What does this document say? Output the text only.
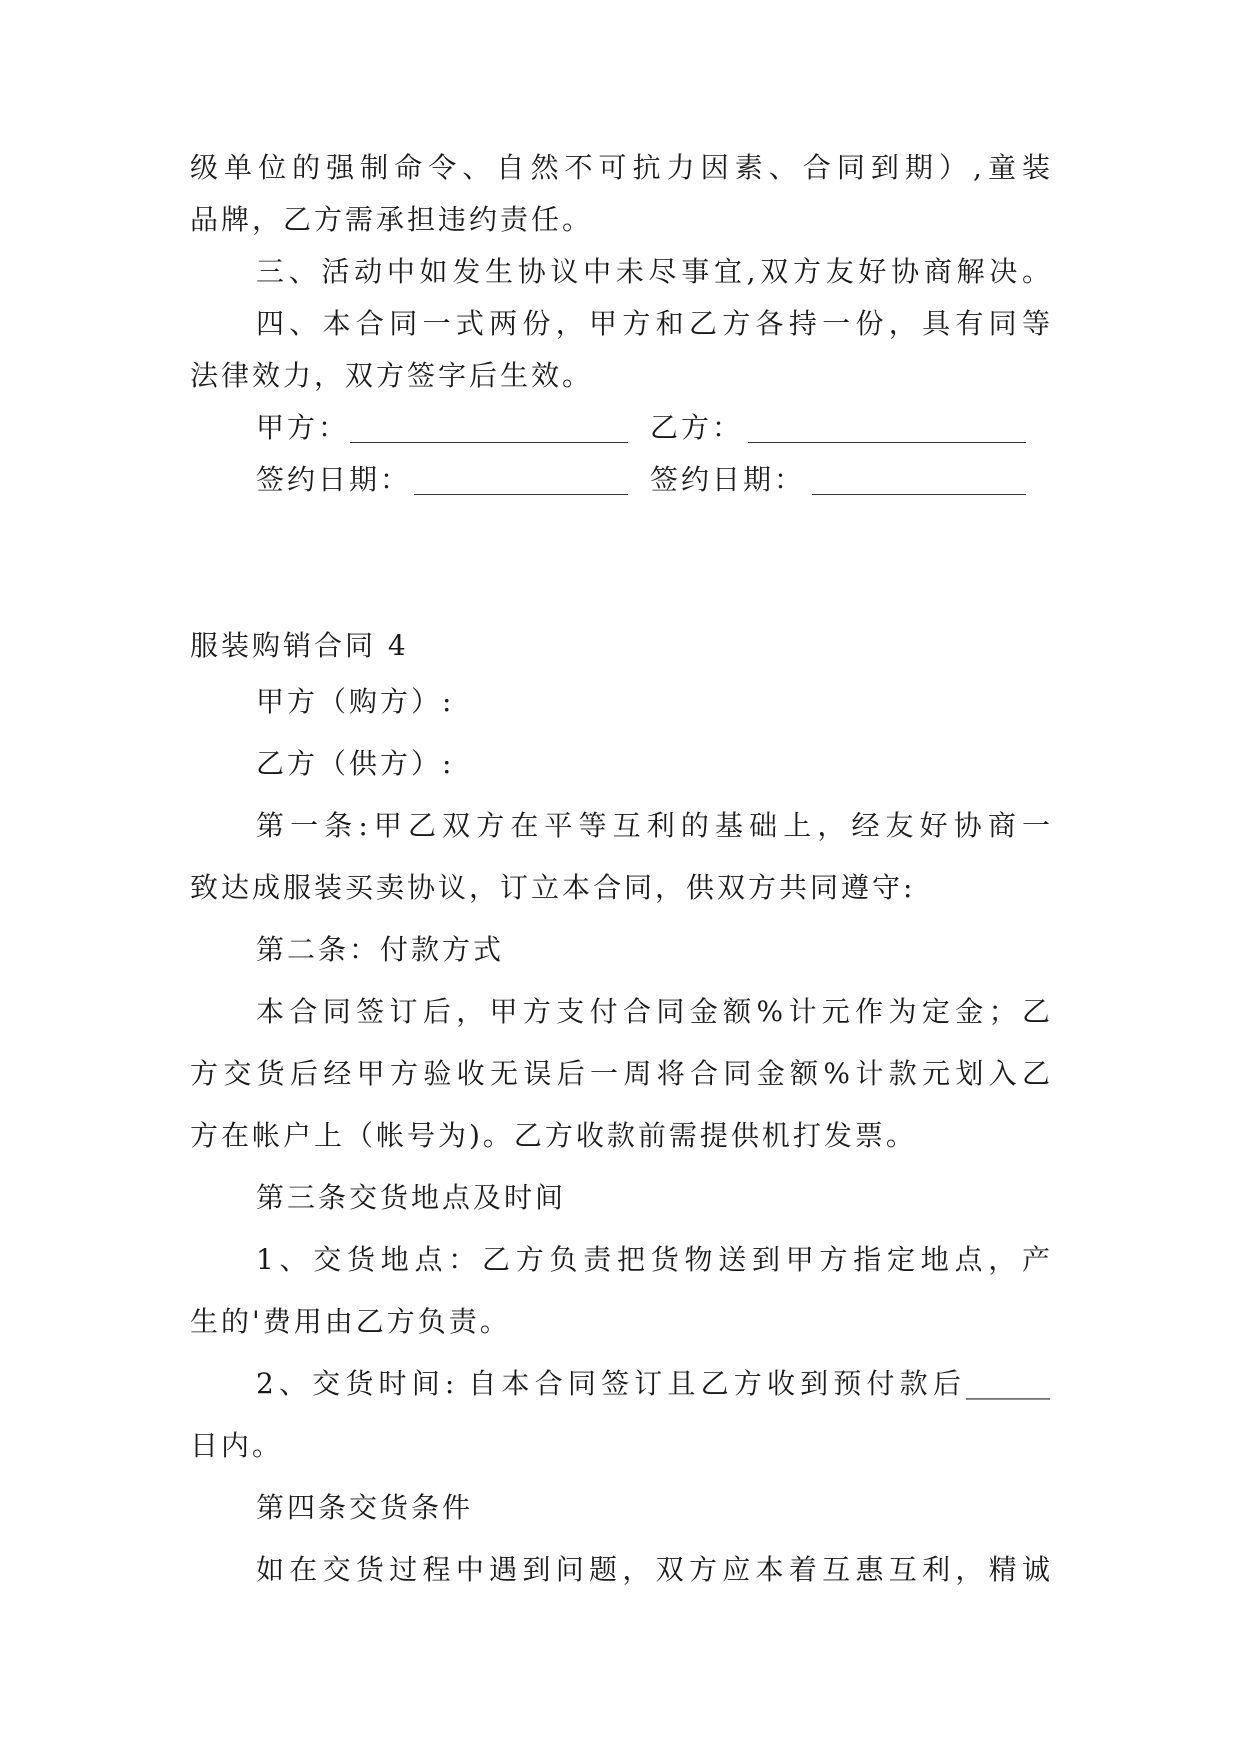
级单位的强制命令、自然不可抗力因素、合同到期）,童装
品牌，乙方需承担违约责任。
三、活动中如发生协议中未尽事宜,双方友好协商解决。
四、本合同一式两份，甲方和乙方各持一份，具有同等
法律效力，双方签字后生效。
甲方：	乙方：
签约日期：	签约日期：
服装购销合同 4
甲方（购方）:
乙方（供方）:
第一条:甲乙双方在平等互利的基础上，经友好协商一
致达成服装买卖协议，订立本合同，供双方共同遵守:
第二条：付款方式
本合同签订后，甲方支付合同金额%计元作为定金；乙
方交货后经甲方验收无误后一周将合同金额%计款元划入乙
方在帐户上（帐号为)。乙方收款前需提供机打发票。
第三条交货地点及时间
1、交货地点：乙方负责把货物送到甲方指定地点，产
生的'费用由乙方负责。
2、交货时间: 自本合同签订且乙方收到预付款后______
日内。
第四条交货条件
如在交货过程中遇到问题，双方应本着互惠互利，精诚
